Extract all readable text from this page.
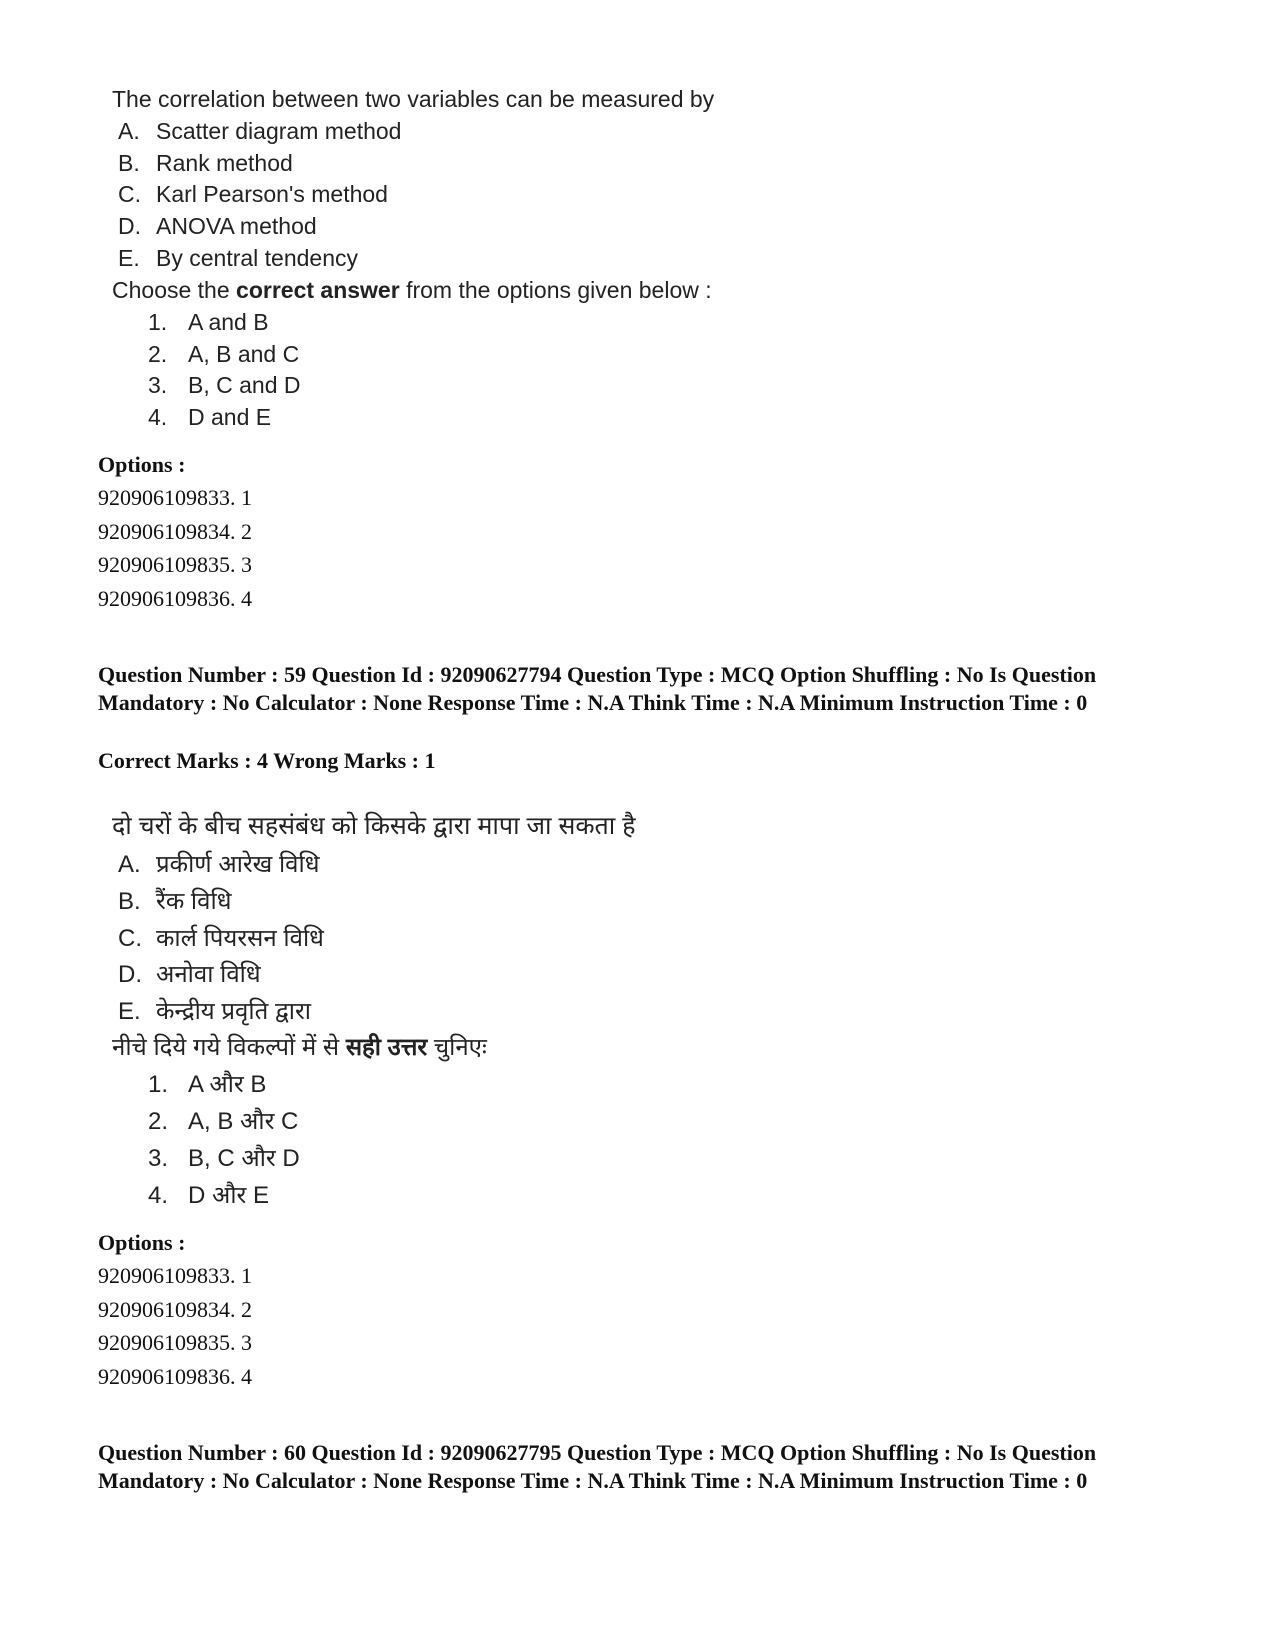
The correlation between two variables can be measured by
A. Scatter diagram method
B. Rank method
C. Karl Pearson's method
D. ANOVA method
E. By central tendency
Choose the correct answer from the options given below :
1. A and B
2. A, B and C
3. B, C and D
4. D and E
Options :
920906109833. 1
920906109834. 2
920906109835. 3
920906109836. 4
Question Number : 59 Question Id : 92090627794 Question Type : MCQ Option Shuffling : No Is Question Mandatory : No Calculator : None Response Time : N.A Think Time : N.A Minimum Instruction Time : 0
Correct Marks : 4 Wrong Marks : 1
दो चरों के बीच सहसंबंध को किसके द्वारा मापा जा सकता है
A. प्रकीर्ण आरेख विधि
B. रैंक विधि
C. कार्ल पियरसन विधि
D. अनोवा विधि
E. केन्द्रीय प्रवृति द्वारा
नीचे दिये गये विकल्पों में से सही उत्तर चुनिएः
1. A और B
2. A, B और C
3. B, C और D
4. D और E
Options :
920906109833. 1
920906109834. 2
920906109835. 3
920906109836. 4
Question Number : 60 Question Id : 92090627795 Question Type : MCQ Option Shuffling : No Is Question Mandatory : No Calculator : None Response Time : N.A Think Time : N.A Minimum Instruction Time : 0
